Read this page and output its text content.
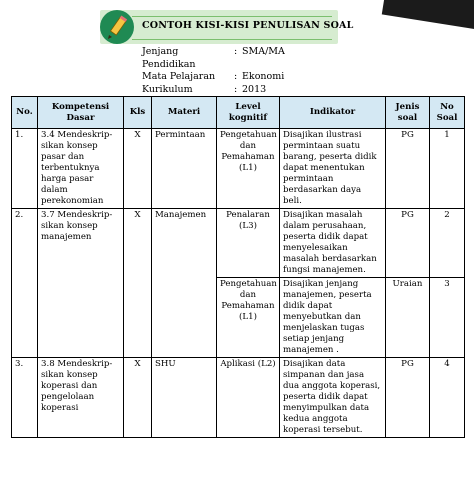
CONTOH KISI-KISI PENULISAN SOAL
Jenjang Pendidikan
: SMA/MA
Mata Pelajaran	: Ekonomi
Kurikulum	: 2013
No.	Kompetensi Dasar	Kls	Materi	Level kognitif	Indikator	Jenis soal	No Soal
1.	3.4 Mendeskrip-sikan konsep pasar dan terbentuknya harga pasar dalam perekonomian	X	Permintaan	Pengetahuan dan Pemahaman (L1)	Disajikan ilustrasi permintaan suatu barang, peserta didik dapat menentukan permintaan berdasarkan daya beli.	PG	1
2.	3.7 Mendeskrip-sikan konsep manajemen	X	Manajemen	Penalaran (L3)	Disajikan masalah dalam perusahaan, peserta didik dapat menyelesaikan masalah berdasarkan fungsi manajemen.	PG	2
				Pengetahuan dan Pemahaman (L1)	Disajikan jenjang manajemen, peserta didik dapat menyebutkan dan menjelaskan tugas setiap jenjang manajemen .	Uraian	3
3.	3.8 Mendeskrip-sikan konsep koperasi dan pengelolaan koperasi	X	SHU	Aplikasi (L2)	Disajikan data simpanan dan jasa dua anggota koperasi, peserta didik dapat menyimpulkan data kedua anggota koperasi tersebut.	PG	4
